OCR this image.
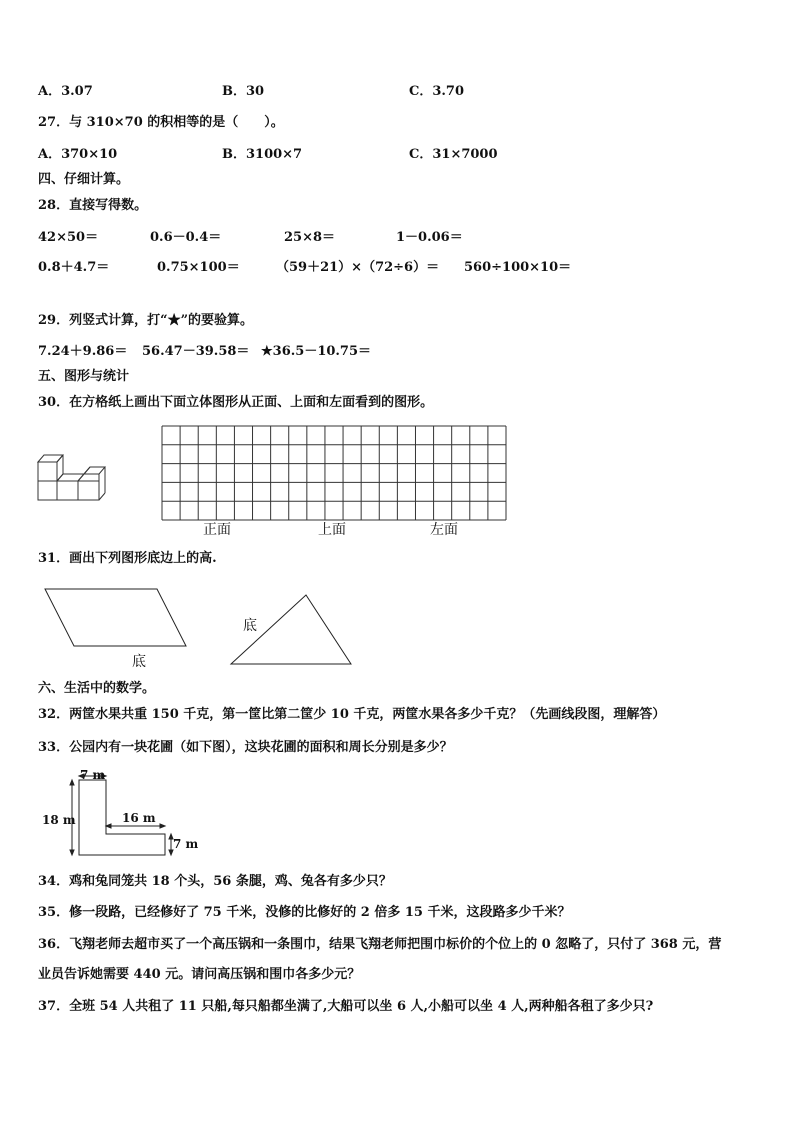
A．3.07	B．30	C．3.70
27．与 310×70 的积相等的是（　　）。
A．370×10	B．3100×7	C．31×7000
四、仔细计算。
28．直接写得数。
42×50＝	0.6－0.4＝	25×8＝	1－0.06＝
0.8＋4.7＝	0.75×100＝	（59＋21）×（72÷6）＝ 560÷100×10＝
29．列竖式计算，打“★”的要验算。
7.24＋9.86＝ 56.47－39.58＝ ★36.5－10.75＝
五、图形与统计
30．在方格纸上画出下面立体图形从正面、上面和左面看到的图形。
正面	上面	左面
31．画出下列图形底边上的高.
底
底
六、生活中的数学。
32．两筐水果共重 150 千克，第一筐比第二筐少 10 千克，两筐水果各多少千克？（先画线段图，理解答）
33．公园内有一块花圃（如下图），这块花圃的面积和周长分别是多少？
7 m
18 m	16 m
7 m
34．鸡和兔同笼共 18 个头，56 条腿，鸡、兔各有多少只？
35．修一段路，已经修好了 75 千米，没修的比修好的 2 倍多 15 千米，这段路多少千米？
36．飞翔老师去超市买了一个高压锅和一条围巾，结果飞翔老师把围巾标价的个位上的 0 忽略了，只付了 368 元，营
业员告诉她需要 440 元。请问高压锅和围巾各多少元？
37．全班 54 人共租了 11 只船,每只船都坐满了,大船可以坐 6 人,小船可以坐 4 人,两种船各租了多少只?
